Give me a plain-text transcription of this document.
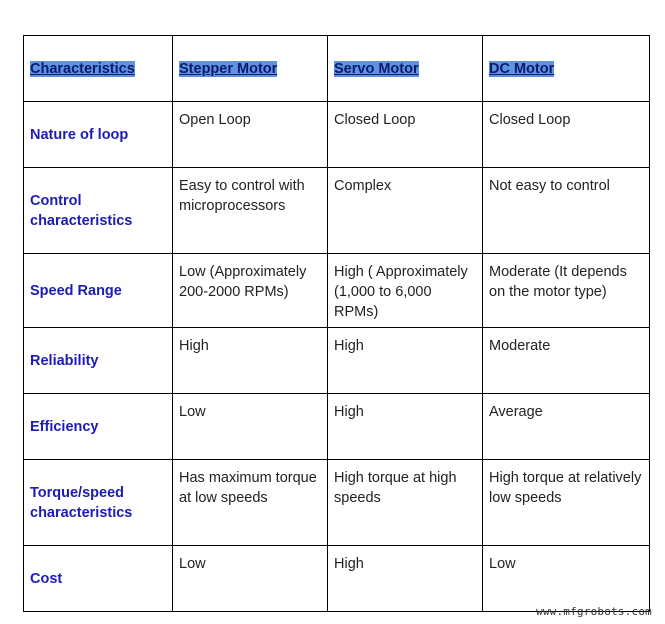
Characteristics	Stepper Motor	Servo Motor	DC Motor
Nature of loop	Open Loop	Closed Loop	Closed Loop
Control characteristics	Easy to control with microprocessors	Complex	Not easy to control
Speed Range	Low (Approximately 200-2000 RPMs)	High ( Approximately (1,000 to 6,000 RPMs)	Moderate (It depends on the motor type)
Reliability	High	High	Moderate
Efficiency	Low	High	Average
Torque/speed characteristics	Has maximum torque at low speeds	High torque at high speeds	High torque at relatively low speeds
Cost	Low	High	Low
www.mfgrobots.com
